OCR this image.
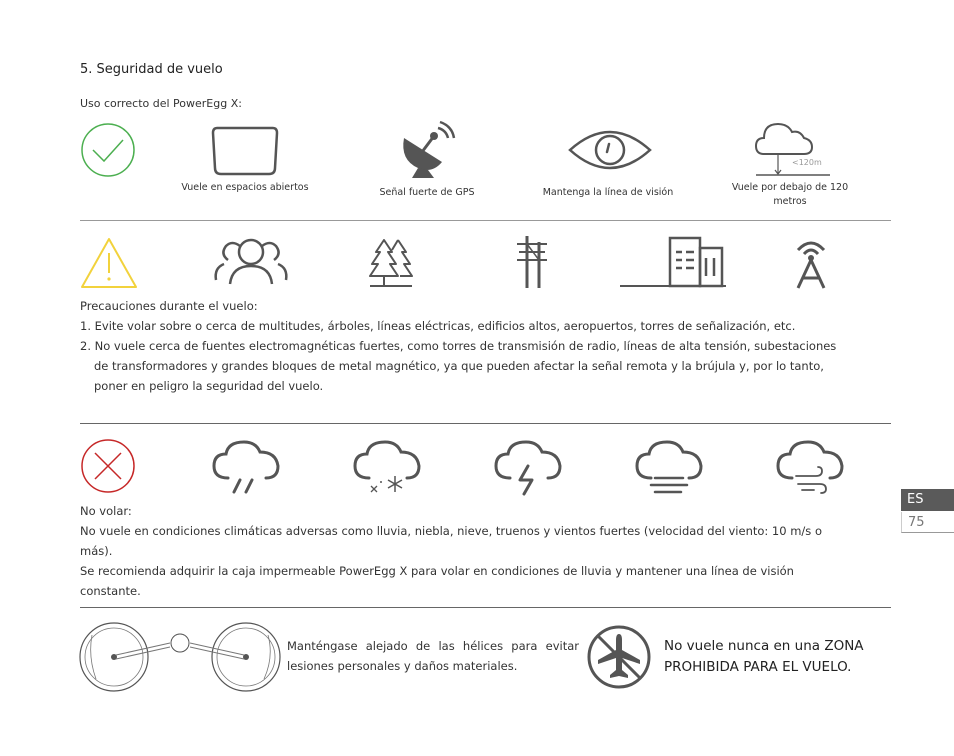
5. Seguridad de vuelo
Uso correcto del PowerEgg X:
Vuele en espacios abiertos	Señal fuerte de GPS	Mantenga la línea de visión
<120m
Vuele por debajo de 120
metros
Precauciones durante el vuelo:
1. Evite volar sobre o cerca de multitudes, árboles, líneas eléctricas, edificios altos, aeropuertos, torres de señalización, etc.
2. No vuele cerca de fuentes electromagnéticas fuertes, como torres de transmisión de radio, líneas de alta tensión, subestaciones
de transformadores y grandes bloques de metal magnético, ya que pueden afectar la señal remota y la brújula y, por lo tanto,
poner en peligro la seguridad del vuelo.
No volar:
No vuele en condiciones climáticas adversas como lluvia, niebla, nieve, truenos y vientos fuertes (velocidad del viento: 10 m/s o
más).
Se recomienda adquirir la caja impermeable PowerEgg X para volar en condiciones de lluvia y mantener una línea de visión
constante.
Manténgase alejado de las hélices para evitar
lesiones personales y daños materiales.
No vuele nunca en una ZONA
PROHIBIDA PARA EL VUELO.
ES
75
